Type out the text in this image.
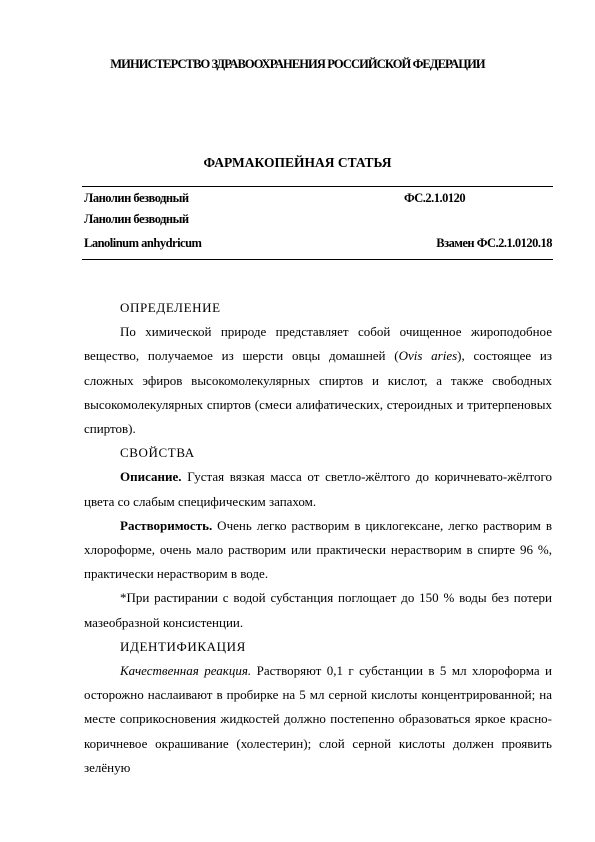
МИНИСТЕРСТВО ЗДРАВООХРАНЕНИЯ РОССИЙСКОЙ ФЕДЕРАЦИИ
ФАРМАКОПЕЙНАЯ СТАТЬЯ
Ланолин безводный	ФС.2.1.0120
Ланолин безводный
Lanolinum anhydricum	Взамен ФС.2.1.0120.18
ОПРЕДЕЛЕНИЕ

По химической природе представляет собой очищенное жироподобное вещество, получаемое из шерсти овцы домашней (Ovis aries), состоящее из сложных эфиров высокомолекулярных спиртов и кислот, а также свободных высокомолекулярных спиртов (смеси алифатических, стероидных и тритерпеновых спиртов).

СВОЙСТВА

Описание. Густая вязкая масса от светло-жёлтого до коричневато-жёлтого цвета со слабым специфическим запахом.

Растворимость. Очень легко растворим в циклогексане, легко растворим в хлороформе, очень мало растворим или практически нерастворим в спирте 96 %, практически нерастворим в воде.

*При растирании с водой субстанция поглощает до 150 % воды без потери мазеобразной консистенции.

ИДЕНТИФИКАЦИЯ

Качественная реакция. Растворяют 0,1 г субстанции в 5 мл хлороформа и осторожно наслаивают в пробирке на 5 мл серной кислоты концентрированной; на месте соприкосновения жидкостей должно постепенно образоваться яркое красно-коричневое окрашивание (холестерин); слой серной кислоты должен проявить зелёную
